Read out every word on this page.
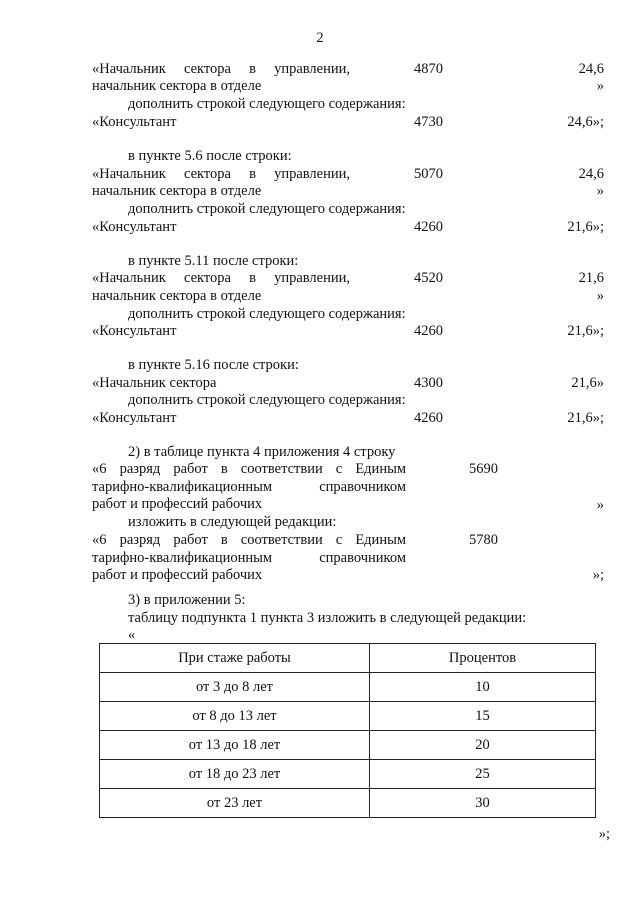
2
«Начальник сектора в управлении,
начальник сектора в отделе
4870	24,6
»
дополнить строкой следующего содержания:
«Консультант	4730	24,6»;
в пункте 5.6 после строки:
«Начальник сектора в управлении,
начальник сектора в отделе
5070	24,6
»
дополнить строкой следующего содержания:
«Консультант	4260	21,6»;
в пункте 5.11 после строки:
«Начальник сектора в управлении,
начальник сектора в отделе
4520	21,6
»
дополнить строкой следующего содержания:
«Консультант	4260	21,6»;
в пункте 5.16 после строки:
«Начальник сектора	4300	21,6»
дополнить строкой следующего содержания:
«Консультант	4260	21,6»;
2) в таблице пункта 4 приложения 4 строку
«6 разряд работ в соответствии с Единым
тарифно-квалификационным справочником
работ и профессий рабочих
5690
»
изложить в следующей редакции:
«6 разряд работ в соответствии с Единым
тарифно-квалификационным справочником
работ и профессий рабочих
5780
»;
3) в приложении 5:
таблицу подпункта 1 пункта 3 изложить в следующей редакции:
«
При стаже работы	Процентов
от 3 до 8 лет	10
от 8 до 13 лет	15
от 13 до 18 лет	20
от 18 до 23 лет	25
от 23 лет	30
»;
